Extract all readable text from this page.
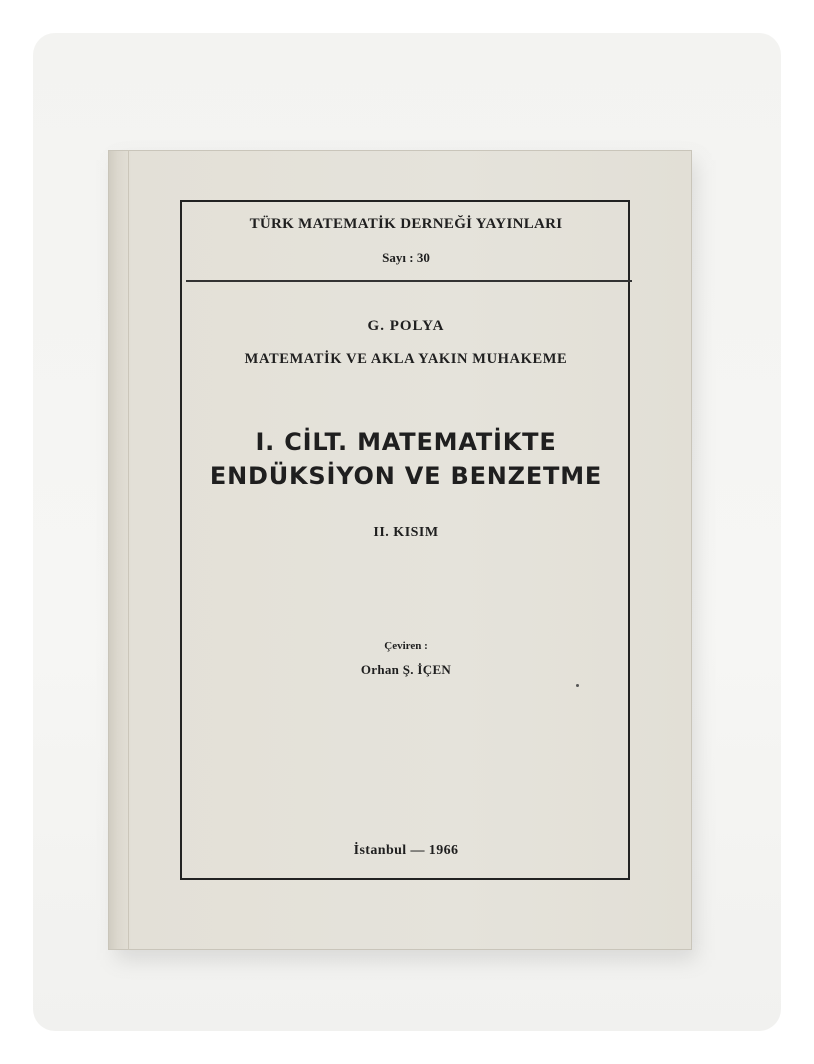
TÜRK MATEMATİK DERNEĞİ YAYINLARI
Sayı : 30
G. POLYA
MATEMATİK VE AKLA YAKIN MUHAKEME
I. CİLT. MATEMATİKTE
ENDÜKSİYON VE BENZETME
II. KISIM
Çeviren :
Orhan Ş. İÇEN
İstanbul — 1966
